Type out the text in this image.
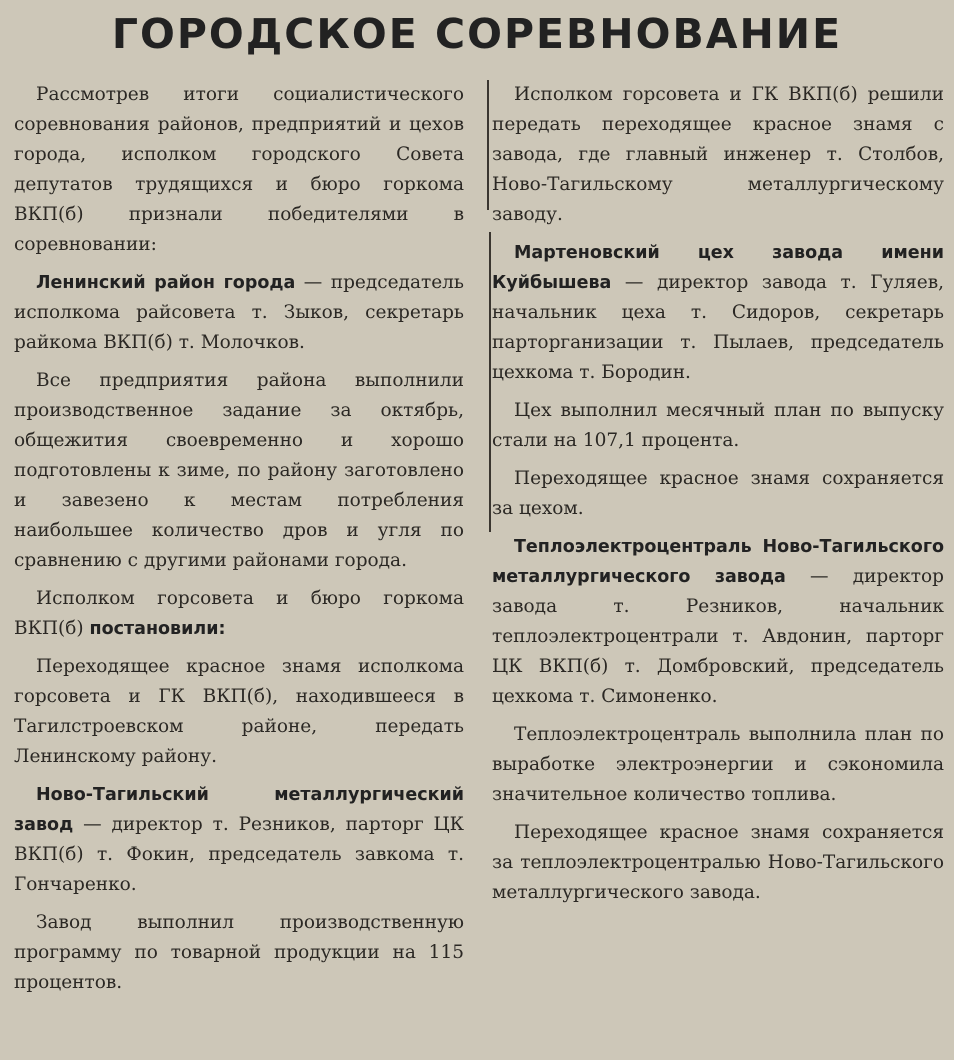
ГОРОДСКОЕ СОРЕВНОВАНИЕ

Рассмотрев итоги социалистического соревнования районов, предприятий и цехов города, исполком городского Совета депутатов трудящихся и бюро горкома ВКП(б) признали победителями в соревновании:

Ленинский район города — председатель исполкома райсовета т. Зыков, секретарь райкома ВКП(б) т. Молочков.

Все предприятия района выполнили производственное задание за октябрь, общежития своевременно и хорошо подготовлены к зиме, по району заготовлено и завезено к местам потребления наибольшее количество дров и угля по сравнению с другими районами города.

Исполком горсовета и бюро горкома ВКП(б) постановили:

Переходящее красное знамя исполкома горсовета и ГК ВКП(б), находившееся в Тагилстроевском районе, передать Ленинскому району.

Ново-Тагильский металлургический завод — директор т. Резников, парторг ЦК ВКП(б) т. Фокин, председатель завкома т. Гончаренко.

Завод выполнил производственную программу по товарной продукции на 115 процентов.

Исполком горсовета и ГК ВКП(б) решили передать переходящее красное знамя с завода, где главный инженер т. Столбов, Ново-Тагильскому металлургическому заводу.

Мартеновский цех завода имени Куйбышева — директор завода т. Гуляев, начальник цеха т. Сидоров, секретарь парторганизации т. Пылаев, председатель цехкома т. Бородин.

Цех выполнил месячный план по выпуску стали на 107,1 процента.

Переходящее красное знамя сохраняется за цехом.

Теплоэлектроцентраль Ново-Тагильского металлургического завода — директор завода т. Резников, начальник теплоэлектроцентрали т. Авдонин, парторг ЦК ВКП(б) т. Домбровский, председатель цехкома т. Симоненко.

Теплоэлектроцентраль выполнила план по выработке электроэнергии и сэкономила значительное количество топлива.

Переходящее красное знамя сохраняется за теплоэлектроцентралью Ново-Тагильского металлургического завода.
